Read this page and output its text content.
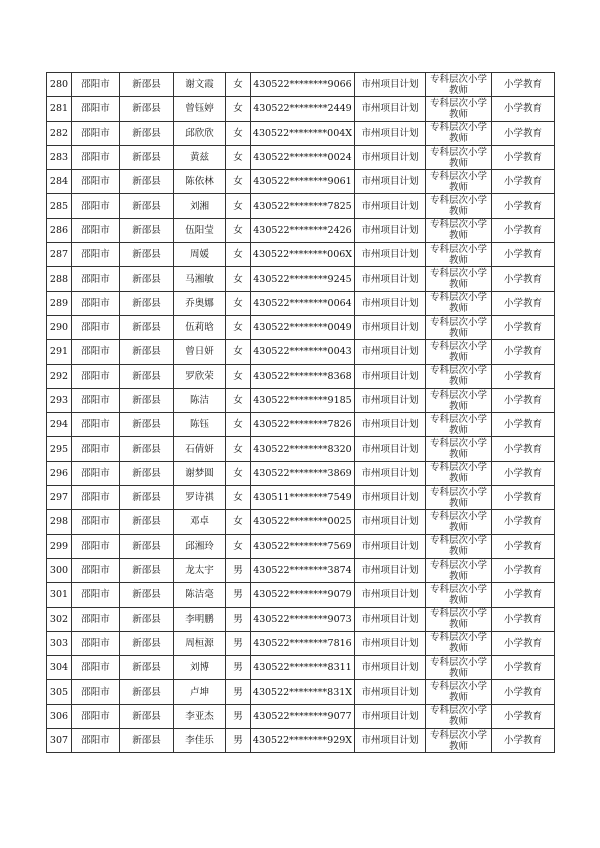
280	邵阳市	新邵县	谢文霞	女	430522********9066	市州项目计划	专科层次小学教师	小学教育
281	邵阳市	新邵县	曾钰婷	女	430522********2449	市州项目计划	专科层次小学教师	小学教育
282	邵阳市	新邵县	邱欣欣	女	430522********004X	市州项目计划	专科层次小学教师	小学教育
283	邵阳市	新邵县	黄兹	女	430522********0024	市州项目计划	专科层次小学教师	小学教育
284	邵阳市	新邵县	陈依林	女	430522********9061	市州项目计划	专科层次小学教师	小学教育
285	邵阳市	新邵县	刘湘	女	430522********7825	市州项目计划	专科层次小学教师	小学教育
286	邵阳市	新邵县	伍阳莹	女	430522********2426	市州项目计划	专科层次小学教师	小学教育
287	邵阳市	新邵县	周媛	女	430522********006X	市州项目计划	专科层次小学教师	小学教育
288	邵阳市	新邵县	马湘敏	女	430522********9245	市州项目计划	专科层次小学教师	小学教育
289	邵阳市	新邵县	乔奥娜	女	430522********0064	市州项目计划	专科层次小学教师	小学教育
290	邵阳市	新邵县	伍莉晗	女	430522********0049	市州项目计划	专科层次小学教师	小学教育
291	邵阳市	新邵县	曾日妍	女	430522********0043	市州项目计划	专科层次小学教师	小学教育
292	邵阳市	新邵县	罗欣荣	女	430522********8368	市州项目计划	专科层次小学教师	小学教育
293	邵阳市	新邵县	陈洁	女	430522********9185	市州项目计划	专科层次小学教师	小学教育
294	邵阳市	新邵县	陈钰	女	430522********7826	市州项目计划	专科层次小学教师	小学教育
295	邵阳市	新邵县	石倩妍	女	430522********8320	市州项目计划	专科层次小学教师	小学教育
296	邵阳市	新邵县	谢梦圆	女	430522********3869	市州项目计划	专科层次小学教师	小学教育
297	邵阳市	新邵县	罗诗祺	女	430511********7549	市州项目计划	专科层次小学教师	小学教育
298	邵阳市	新邵县	邓卓	女	430522********0025	市州项目计划	专科层次小学教师	小学教育
299	邵阳市	新邵县	邱湘玲	女	430522********7569	市州项目计划	专科层次小学教师	小学教育
300	邵阳市	新邵县	龙太宇	男	430522********3874	市州项目计划	专科层次小学教师	小学教育
301	邵阳市	新邵县	陈洁毫	男	430522********9079	市州项目计划	专科层次小学教师	小学教育
302	邵阳市	新邵县	李明鹏	男	430522********9073	市州项目计划	专科层次小学教师	小学教育
303	邵阳市	新邵县	周桓源	男	430522********7816	市州项目计划	专科层次小学教师	小学教育
304	邵阳市	新邵县	刘博	男	430522********8311	市州项目计划	专科层次小学教师	小学教育
305	邵阳市	新邵县	卢坤	男	430522********831X	市州项目计划	专科层次小学教师	小学教育
306	邵阳市	新邵县	李亚杰	男	430522********9077	市州项目计划	专科层次小学教师	小学教育
307	邵阳市	新邵县	李佳乐	男	430522********929X	市州项目计划	专科层次小学教师	小学教育
